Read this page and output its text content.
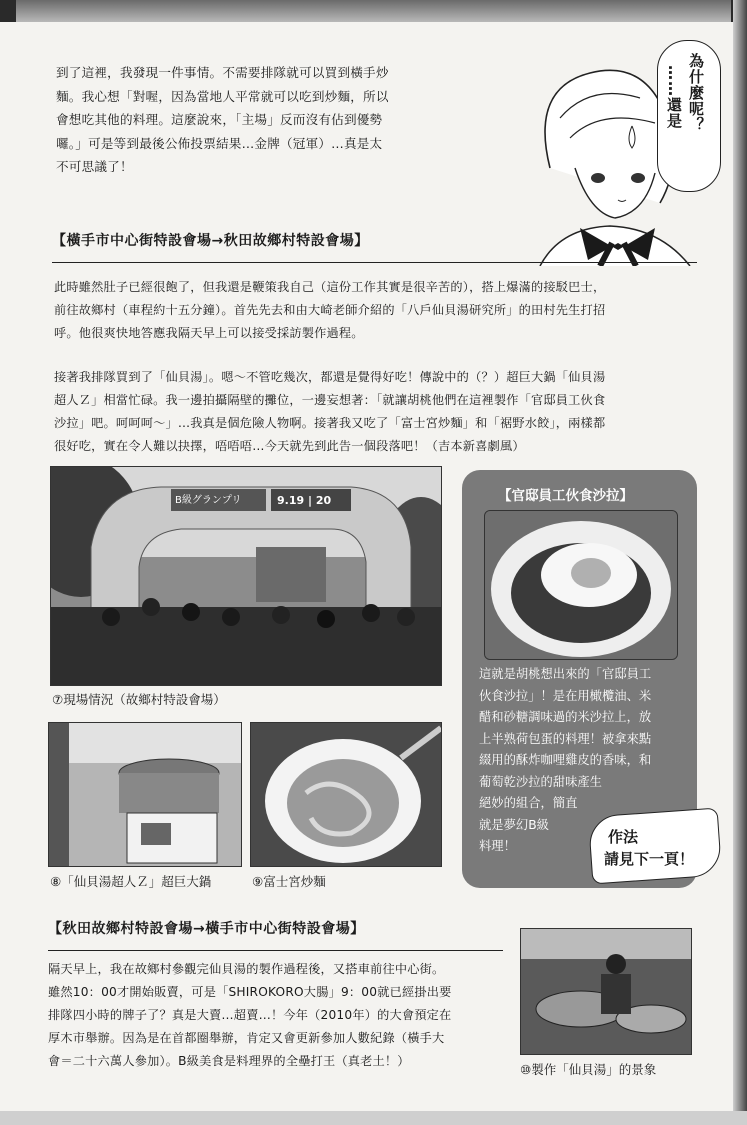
到了這裡，我發現一件事情。不需要排隊就可以買到橫手炒
麵。我心想「對喔，因為當地人平常就可以吃到炒麵，所以
會想吃其他的料理。這麼說來，「主場」反而沒有佔到優勢
囉。」可是等到最後公佈投票結果…金牌（冠軍）…真是太
不可思議了！
為什麼呢？
……還是
【橫手市中心街特設會場→秋田故鄉村特設會場】
此時雖然肚子已經很飽了，但我還是鞭策我自己（這份工作其實是很辛苦的），搭上爆滿的接駁巴士，
前往故鄉村（車程約十五分鐘）。首先先去和由大崎老師介紹的「八戶仙貝湯研究所」的田村先生打招
呼。他很爽快地答應我隔天早上可以接受採訪製作過程。
接著我排隊買到了「仙貝湯」。嗯～不管吃幾次，都還是覺得好吃！傳說中的（？）超巨大鍋「仙貝湯
超人Ｚ」相當忙碌。我一邊拍攝隔壁的攤位，一邊妄想著：「就讓胡桃他們在這裡製作「官邸員工伙食
沙拉」吧。呵呵呵～」…我真是個危險人物啊。接著我又吃了「富士宮炒麵」和「裾野水餃」，兩樣都
很好吃，實在令人難以抉擇，唔唔唔…今天就先到此告一個段落吧！（吉本新喜劇風）
B級グランプリ	9.19 | 20
⑦現場情況（故鄉村特設會場）
⑧「仙貝湯超人Ｚ」超巨大鍋	⑨富士宮炒麵
【官邸員工伙食沙拉】
這就是胡桃想出來的「官邸員工
伙食沙拉」！是在用橄欖油、米
醋和砂糖調味過的米沙拉上，放
上半熟荷包蛋的料理！被拿來點
綴用的酥炸咖哩雞皮的香味，和
葡萄乾沙拉的甜味產生
絕妙的組合，簡直
就是夢幻B級
料理！	作法
請見下一頁！
【秋田故鄉村特設會場→橫手市中心街特設會場】
隔天早上，我在故鄉村參觀完仙貝湯的製作過程後，又搭車前往中心街。
雖然10：00才開始販賣，可是「SHIROKORO大腸」9：00就已經掛出要
排隊四小時的牌子了？真是大賣…超賣…！今年（2010年）的大會預定在
厚木市舉辦。因為是在首都圈舉辦，肯定又會更新參加人數紀錄（橫手大
會＝二十六萬人參加）。B級美食是料理界的全壘打王（真老土！）
⑩製作「仙貝湯」的景象
